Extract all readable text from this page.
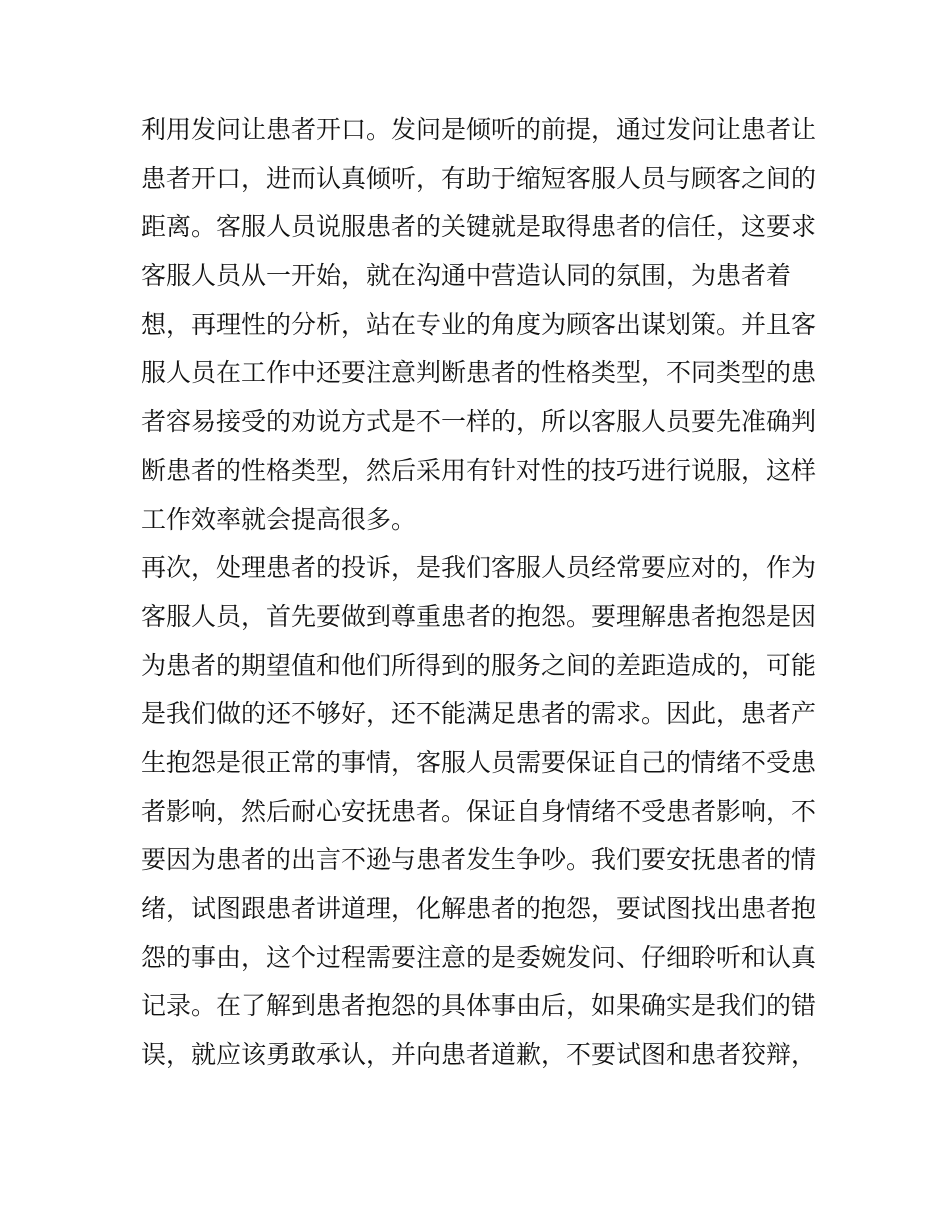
利用发问让患者开口。发问是倾听的前提，通过发问让患者让
患者开口，进而认真倾听，有助于缩短客服人员与顾客之间的
距离。客服人员说服患者的关键就是取得患者的信任，这要求
客服人员从一开始，就在沟通中营造认同的氛围，为患者着
想，再理性的分析，站在专业的角度为顾客出谋划策。并且客
服人员在工作中还要注意判断患者的性格类型，不同类型的患
者容易接受的劝说方式是不一样的，所以客服人员要先准确判
断患者的性格类型，然后采用有针对性的技巧进行说服，这样
工作效率就会提高很多。
再次，处理患者的投诉，是我们客服人员经常要应对的，作为
客服人员，首先要做到尊重患者的抱怨。要理解患者抱怨是因
为患者的期望值和他们所得到的服务之间的差距造成的，可能
是我们做的还不够好，还不能满足患者的需求。因此，患者产
生抱怨是很正常的事情，客服人员需要保证自己的情绪不受患
者影响，然后耐心安抚患者。保证自身情绪不受患者影响，不
要因为患者的出言不逊与患者发生争吵。我们要安抚患者的情
绪，试图跟患者讲道理，化解患者的抱怨，要试图找出患者抱
怨的事由，这个过程需要注意的是委婉发问、仔细聆听和认真
记录。在了解到患者抱怨的具体事由后，如果确实是我们的错
误，就应该勇敢承认，并向患者道歉，不要试图和患者狡辩，
